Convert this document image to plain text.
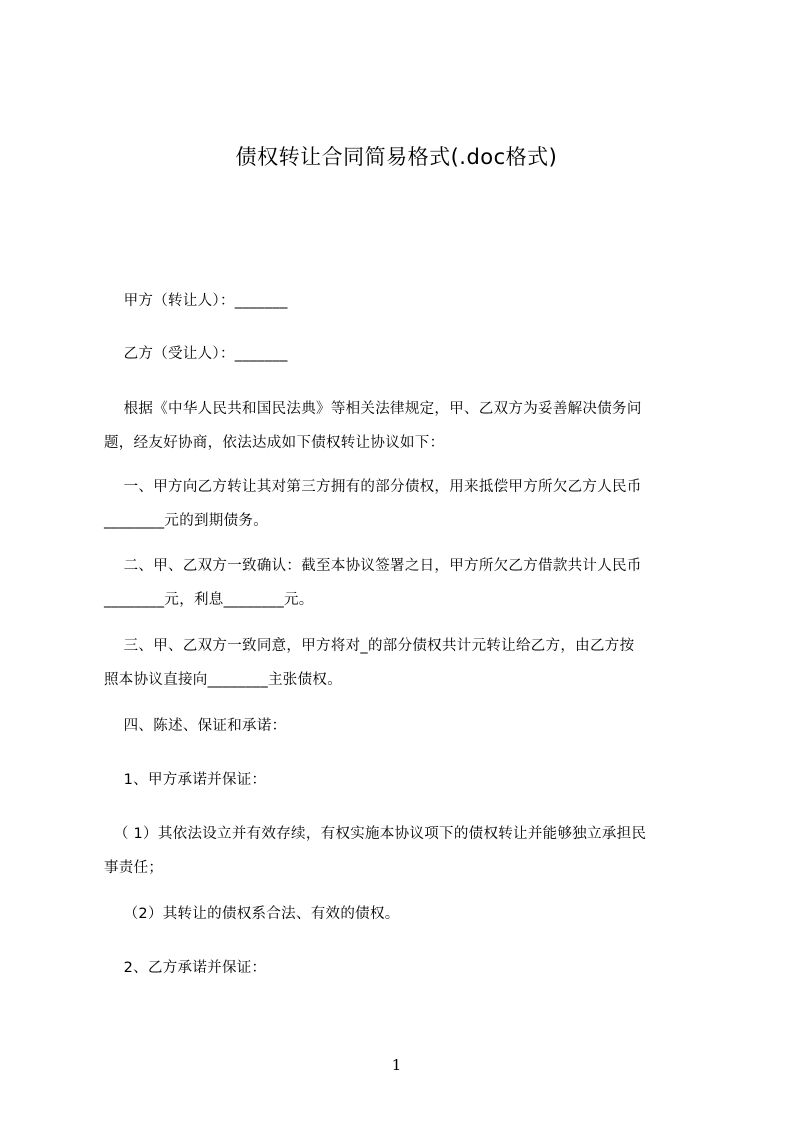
债权转让合同简易格式(.doc格式)
甲方（转让人）：_______
乙方（受让人）：_______
根据《中华人民共和国民法典》等相关法律规定，甲、乙双方为妥善解决债务问
题，经友好协商，依法达成如下债权转让协议如下：
一、甲方向乙方转让其对第三方拥有的部分债权，用来抵偿甲方所欠乙方人民币
________元的到期债务。
二、甲、乙双方一致确认：截至本协议签署之日，甲方所欠乙方借款共计人民币
________元，利息________元。
三、甲、乙双方一致同意，甲方将对_的部分债权共计元转让给乙方，由乙方按
照本协议直接向________主张债权。
四、陈述、保证和承诺：
1、甲方承诺并保证：
（ 1）其依法设立并有效存续，有权实施本协议项下的债权转让并能够独立承担民
事责任；
（2）其转让的债权系合法、有效的债权。
2、乙方承诺并保证：
1
